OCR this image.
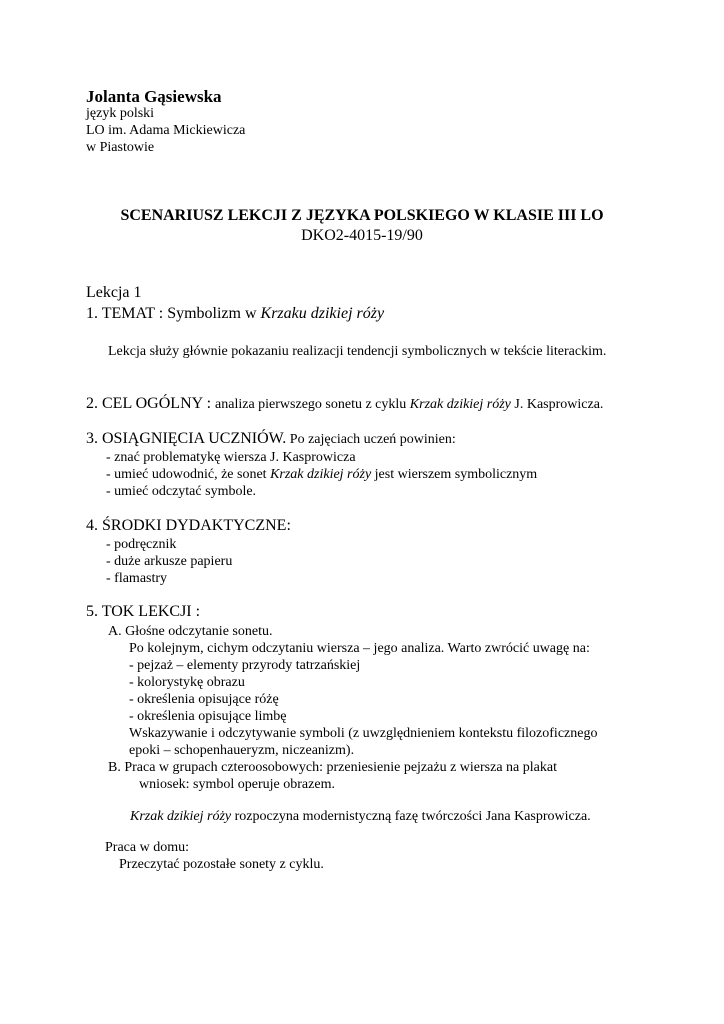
Jolanta Gąsiewska
język polski
LO im. Adama Mickiewicza
w Piastowie
SCENARIUSZ LEKCJI Z JĘZYKA POLSKIEGO W KLASIE III LO
DKO2-4015-19/90
Lekcja 1
1. TEMAT : Symbolizm w Krzaku dzikiej róży
Lekcja służy głównie pokazaniu realizacji tendencji symbolicznych w tekście literackim.
2. CEL OGÓLNY : analiza pierwszego sonetu z cyklu Krzak dzikiej róży J. Kasprowicza.
3. OSIĄGNIĘCIA UCZNIÓW. Po zajęciach uczeń powinien:
- znać problematykę wiersza J. Kasprowicza
- umieć udowodnić, że sonet Krzak dzikiej róży jest wierszem symbolicznym
- umieć odczytać symbole.
4. ŚRODKI DYDAKTYCZNE:
- podręcznik
- duże arkusze papieru
- flamastry
5. TOK LEKCJI :
A. Głośne odczytanie sonetu.
Po kolejnym, cichym odczytaniu wiersza – jego analiza. Warto zwrócić uwagę na:
- pejzaż – elementy przyrody tatrzańskiej
- kolorystykę obrazu
- określenia opisujące różę
- określenia opisujące limbę
Wskazywanie i odczytywanie symboli (z uwzględnieniem kontekstu filozoficznego
epoki – schopenhaueryzm, niczeanizm).
B. Praca w grupach czteroosobowych: przeniesienie pejzażu z wiersza na plakat
wniosek: symbol operuje obrazem.
Krzak dzikiej róży rozpoczyna modernistyczną fazę twórczości Jana Kasprowicza.
Praca w domu:
Przeczytać pozostałe sonety z cyklu.
